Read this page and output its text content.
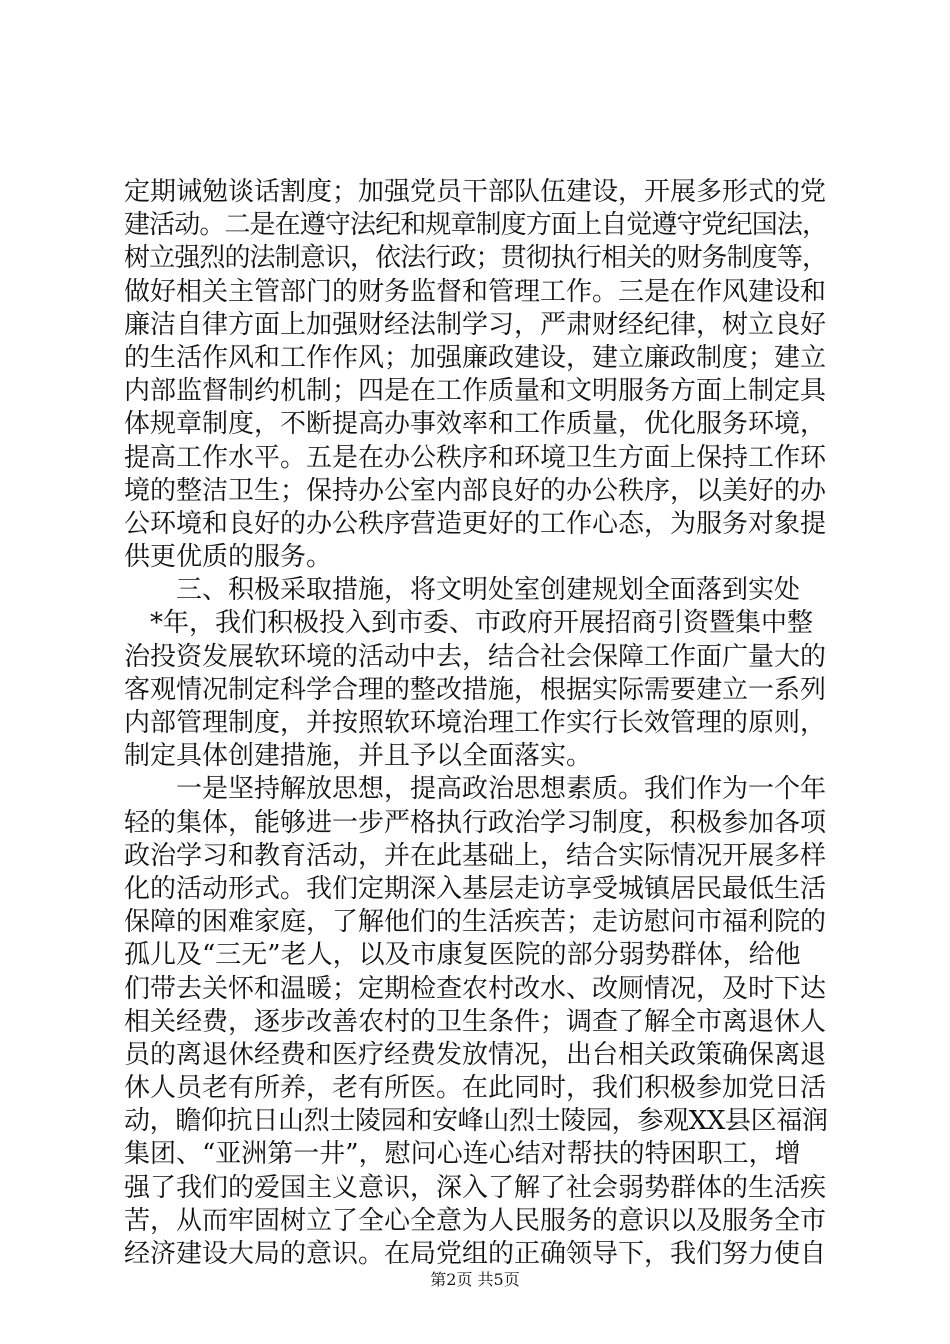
定期诫勉谈话割度；加强党员干部队伍建设，开展多形式的党
建活动。二是在遵守法纪和规章制度方面上自觉遵守党纪国法，
树立强烈的法制意识，依法行政；贯彻执行相关的财务制度等，
做好相关主管部门的财务监督和管理工作。三是在作风建设和
廉洁自律方面上加强财经法制学习，严肃财经纪律，树立良好
的生活作风和工作作风；加强廉政建设，建立廉政制度；建立
内部监督制约机制；四是在工作质量和文明服务方面上制定具
体规章制度，不断提高办事效率和工作质量，优化服务环境，
提高工作水平。五是在办公秩序和环境卫生方面上保持工作环
境的整洁卫生；保持办公室内部良好的办公秩序，以美好的办
公环境和良好的办公秩序营造更好的工作心态，为服务对象提
供更优质的服务。
　　三、积极采取措施，将文明处室创建规划全面落到实处
　*年，我们积极投入到市委、市政府开展招商引资暨集中整
治投资发展软环境的活动中去，结合社会保障工作面广量大的
客观情况制定科学合理的整改措施，根据实际需要建立一系列
内部管理制度，并按照软环境治理工作实行长效管理的原则，
制定具体创建措施，并且予以全面落实。
　　一是坚持解放思想，提高政治思想素质。我们作为一个年
轻的集体，能够进一步严格执行政治学习制度，积极参加各项
政治学习和教育活动，并在此基础上，结合实际情况开展多样
化的活动形式。我们定期深入基层走访享受城镇居民最低生活
保障的困难家庭，了解他们的生活疾苦；走访慰问市福利院的
孤儿及“三无”老人，以及市康复医院的部分弱势群体，给他
们带去关怀和温暖；定期检查农村改水、改厕情况，及时下达
相关经费，逐步改善农村的卫生条件；调查了解全市离退休人
员的离退休经费和医疗经费发放情况，出台相关政策确保离退
休人员老有所养，老有所医。在此同时，我们积极参加党日活
动，瞻仰抗日山烈士陵园和安峰山烈士陵园，参观XX县区福润
集团、“亚洲第一井”，慰问心连心结对帮扶的特困职工，增
强了我们的爱国主义意识，深入了解了社会弱势群体的生活疾
苦，从而牢固树立了全心全意为人民服务的意识以及服务全市
经济建设大局的意识。在局党组的正确领导下，我们努力使自
第2页 共5页
